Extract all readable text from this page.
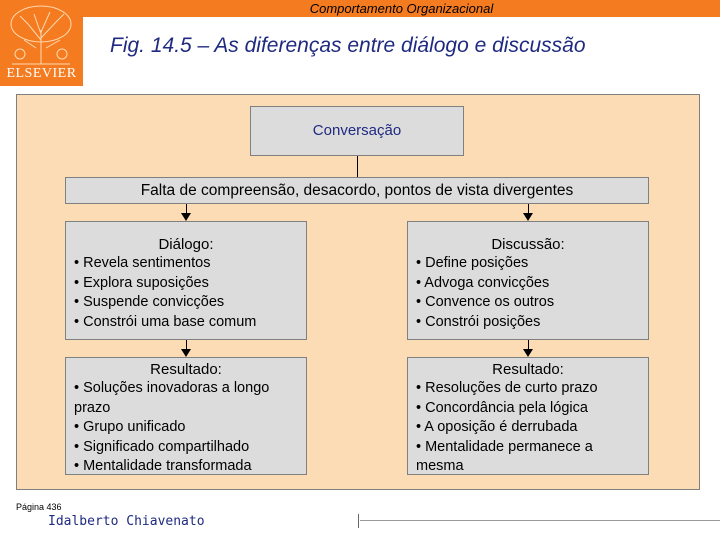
Comportamento Organizacional
ELSEVIER
Fig. 14.5 – As diferenças entre diálogo e discussão
Conversação
Falta de compreensão, desacordo, pontos de vista divergentes
Diálogo:
• Revela sentimentos
• Explora suposições
• Suspende convicções
• Constrói uma base comum
Discussão:
• Define posições
• Advoga convicções
• Convence os outros
• Constrói posições
Resultado:
• Soluções inovadoras a longo prazo
• Grupo unificado
• Significado compartilhado
• Mentalidade transformada
Resultado:
• Resoluções de curto prazo
• Concordância pela lógica
• A oposição é derrubada
• Mentalidade permanece a mesma
Página 436
Idalberto Chiavenato
